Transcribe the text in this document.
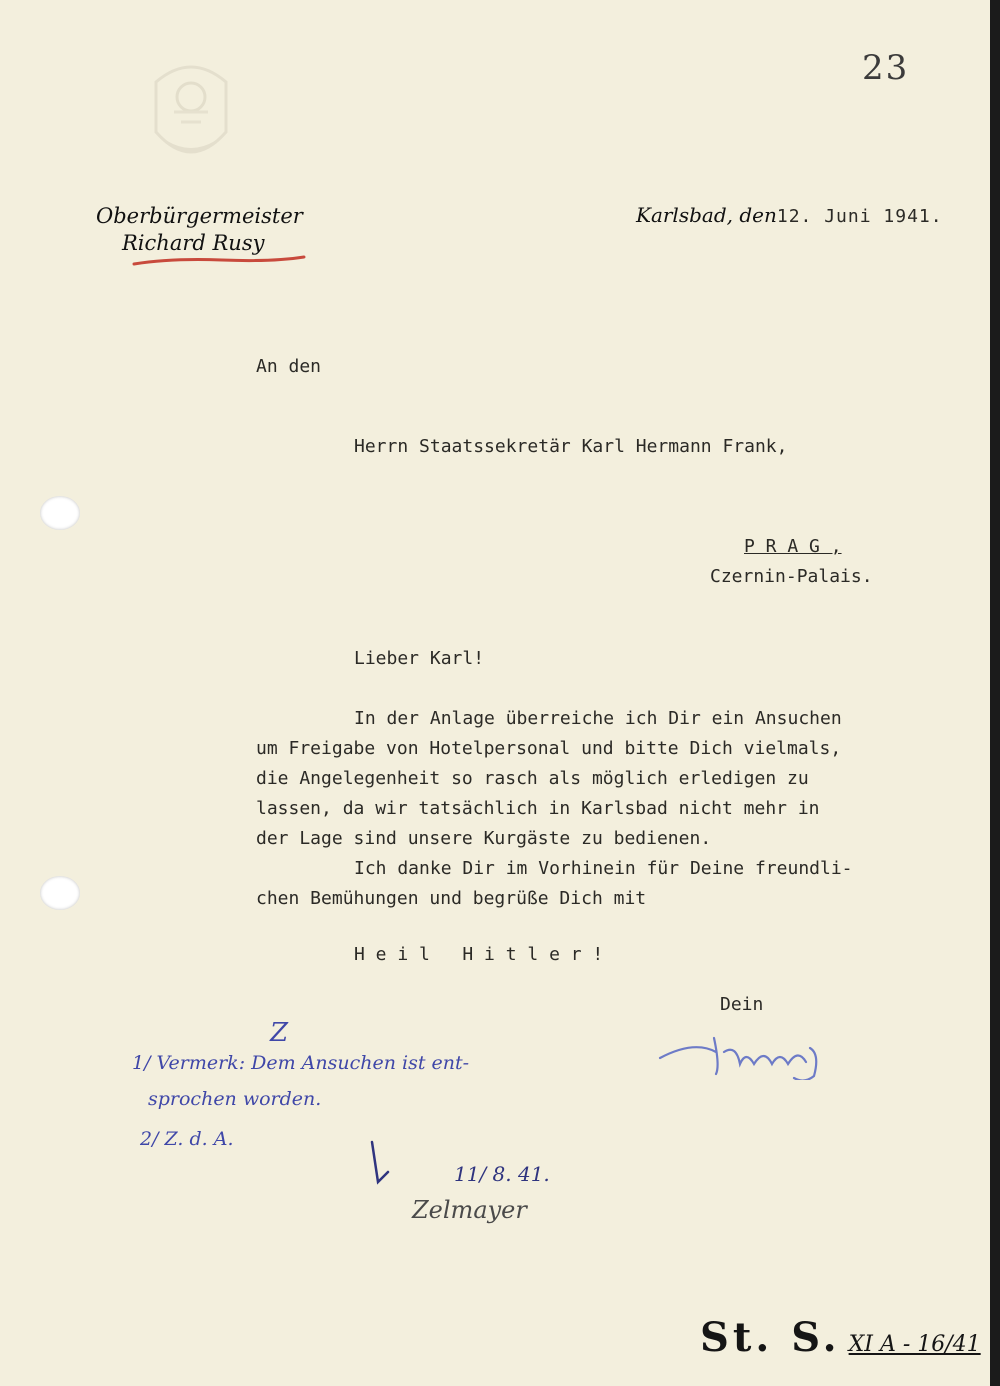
23
Oberbürgermeister
Richard Rusy
Karlsbad, den12. Juni 1941.
An den
Herrn Staatssekretär Karl Hermann Frank,
P R A G ,
Czernin-Palais.
Lieber Karl!
In der Anlage überreiche ich Dir ein Ansuchen
um Freigabe von Hotelpersonal und bitte Dich vielmals,
die Angelegenheit so rasch als möglich erledigen zu
lassen, da wir tatsächlich in Karlsbad nicht mehr in
der Lage sind unsere Kurgäste zu bedienen.
Ich danke Dir im Vorhinein für Deine freundli-
chen Bemühungen und begrüße Dich mit
H e i l   H i t l e r !
Dein
Z
1/ Vermerk: Dem Ansuchen ist ent-
sprochen worden.
2/ Z. d. A.
11/ 8. 41.
Zelmayer
St. S. XI A - 16/41
